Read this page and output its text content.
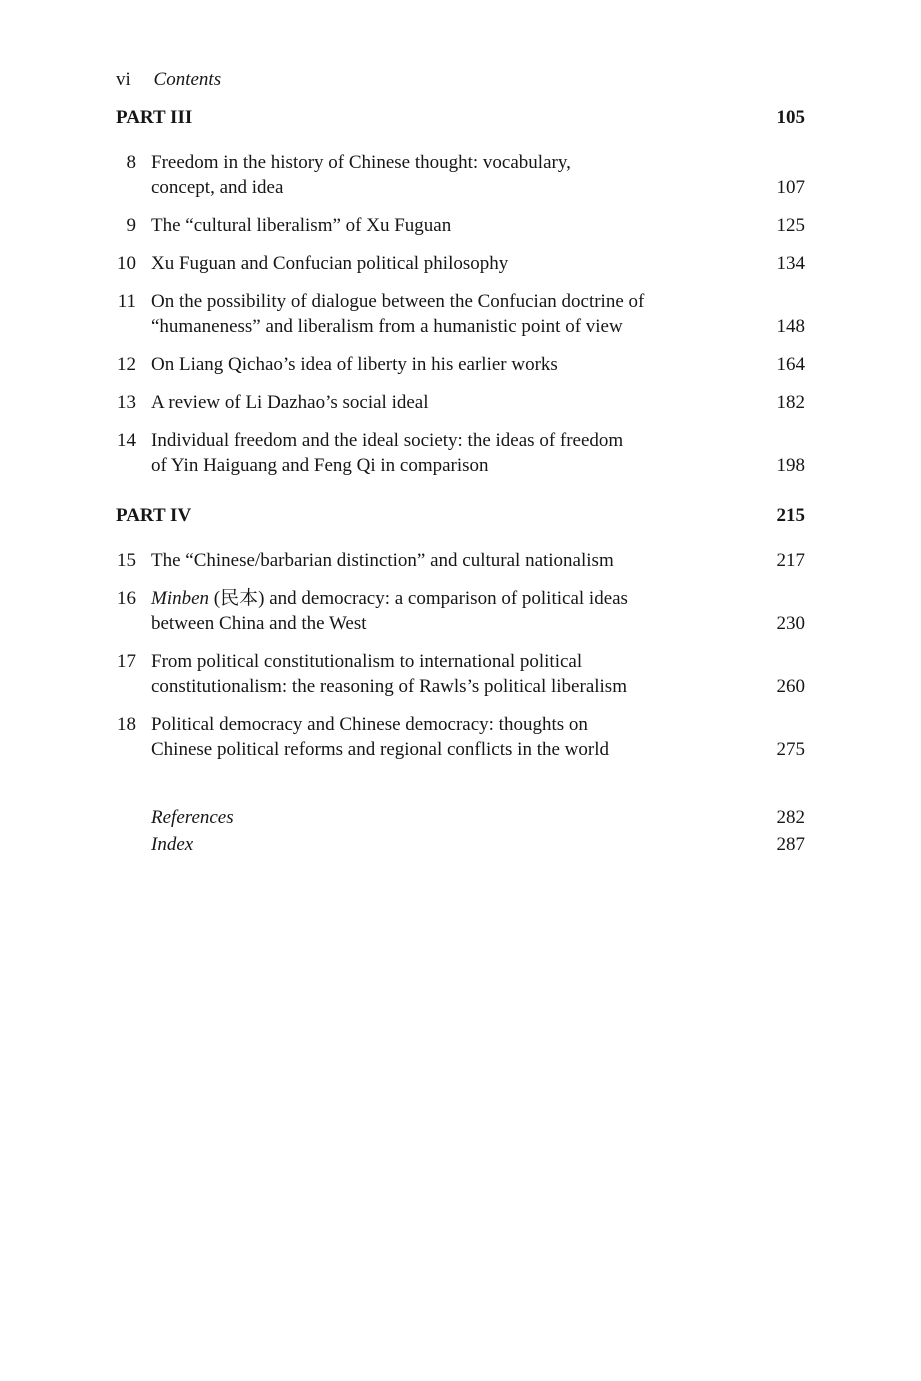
vi Contents
PART III	105
8 Freedom in the history of Chinese thought: vocabulary,
concept, and idea	107
9 The “cultural liberalism” of Xu Fuguan	125
10 Xu Fuguan and Confucian political philosophy	134
11 On the possibility of dialogue between the Confucian doctrine of
“humaneness” and liberalism from a humanistic point of view	148
12 On Liang Qichao’s idea of liberty in his earlier works	164
13 A review of Li Dazhao’s social ideal	182
14 Individual freedom and the ideal society: the ideas of freedom
of Yin Haiguang and Feng Qi in comparison	198
PART IV	215
15 The “Chinese/barbarian distinction” and cultural nationalism	217
16 Minben (民本) and democracy: a comparison of political ideas
between China and the West	230
17 From political constitutionalism to international political
constitutionalism: the reasoning of Rawls’s political liberalism	260
18 Political democracy and Chinese democracy: thoughts on
Chinese political reforms and regional conflicts in the world	275
References	282
Index	287
